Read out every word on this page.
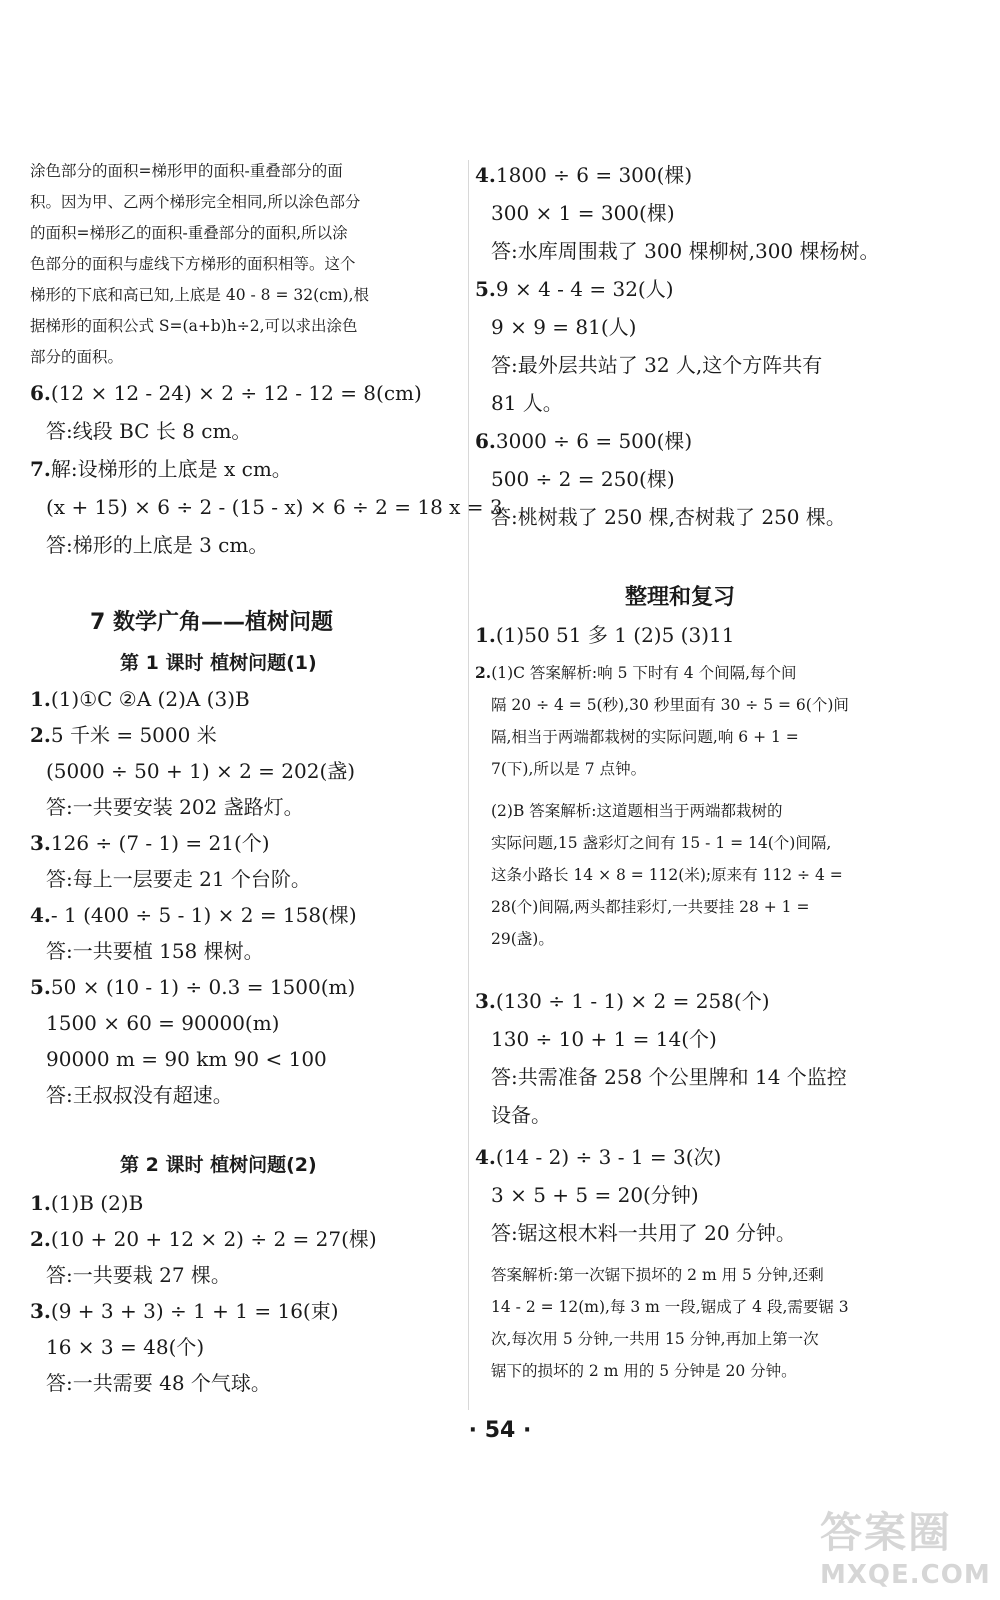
涂色部分的面积=梯形甲的面积-重叠部分的面
积。因为甲、乙两个梯形完全相同,所以涂色部分
的面积=梯形乙的面积-重叠部分的面积,所以涂
色部分的面积与虚线下方梯形的面积相等。这个
梯形的下底和高已知,上底是 40 - 8 = 32(cm),根
据梯形的面积公式 S=(a+b)h÷2,可以求出涂色
部分的面积。
6.(12 × 12 - 24) × 2 ÷ 12 - 12 = 8(cm)
答:线段 BC 长 8 cm。
7.解:设梯形的上底是 x cm。
(x + 15) × 6 ÷ 2 - (15 - x) × 6 ÷ 2 = 18 x = 3
答:梯形的上底是 3 cm。
7 数学广角——植树问题
第 1 课时 植树问题(1)
1.(1)①C ②A (2)A (3)B
2.5 千米 = 5000 米
(5000 ÷ 50 + 1) × 2 = 202(盏)
答:一共要安装 202 盏路灯。
3.126 ÷ (7 - 1) = 21(个)
答:每上一层要走 21 个台阶。
4.- 1 (400 ÷ 5 - 1) × 2 = 158(棵)
答:一共要植 158 棵树。
5.50 × (10 - 1) ÷ 0.3 = 1500(m)
1500 × 60 = 90000(m)
90000 m = 90 km 90 < 100
答:王叔叔没有超速。
第 2 课时 植树问题(2)
1.(1)B (2)B
2.(10 + 20 + 12 × 2) ÷ 2 = 27(棵)
答:一共要栽 27 棵。
3.(9 + 3 + 3) ÷ 1 + 1 = 16(束)
16 × 3 = 48(个)
答:一共需要 48 个气球。
4.1800 ÷ 6 = 300(棵)
300 × 1 = 300(棵)
答:水库周围栽了 300 棵柳树,300 棵杨树。
5.9 × 4 - 4 = 32(人)
9 × 9 = 81(人)
答:最外层共站了 32 人,这个方阵共有
81 人。
6.3000 ÷ 6 = 500(棵)
500 ÷ 2 = 250(棵)
答:桃树栽了 250 棵,杏树栽了 250 棵。
整理和复习
1.(1)50 51 多 1 (2)5 (3)11
2.(1)C 答案解析:响 5 下时有 4 个间隔,每个间
隔 20 ÷ 4 = 5(秒),30 秒里面有 30 ÷ 5 = 6(个)间
隔,相当于两端都栽树的实际问题,响 6 + 1 =
7(下),所以是 7 点钟。
(2)B 答案解析:这道题相当于两端都栽树的
实际问题,15 盏彩灯之间有 15 - 1 = 14(个)间隔,
这条小路长 14 × 8 = 112(米);原来有 112 ÷ 4 =
28(个)间隔,两头都挂彩灯,一共要挂 28 + 1 =
29(盏)。
3.(130 ÷ 1 - 1) × 2 = 258(个)
130 ÷ 10 + 1 = 14(个)
答:共需准备 258 个公里牌和 14 个监控
设备。
4.(14 - 2) ÷ 3 - 1 = 3(次)
3 × 5 + 5 = 20(分钟)
答:锯这根木料一共用了 20 分钟。
答案解析:第一次锯下损坏的 2 m 用 5 分钟,还剩
14 - 2 = 12(m),每 3 m 一段,锯成了 4 段,需要锯 3
次,每次用 5 分钟,一共用 15 分钟,再加上第一次
锯下的损坏的 2 m 用的 5 分钟是 20 分钟。
· 54 ·
答案圈
MXQE.COM
